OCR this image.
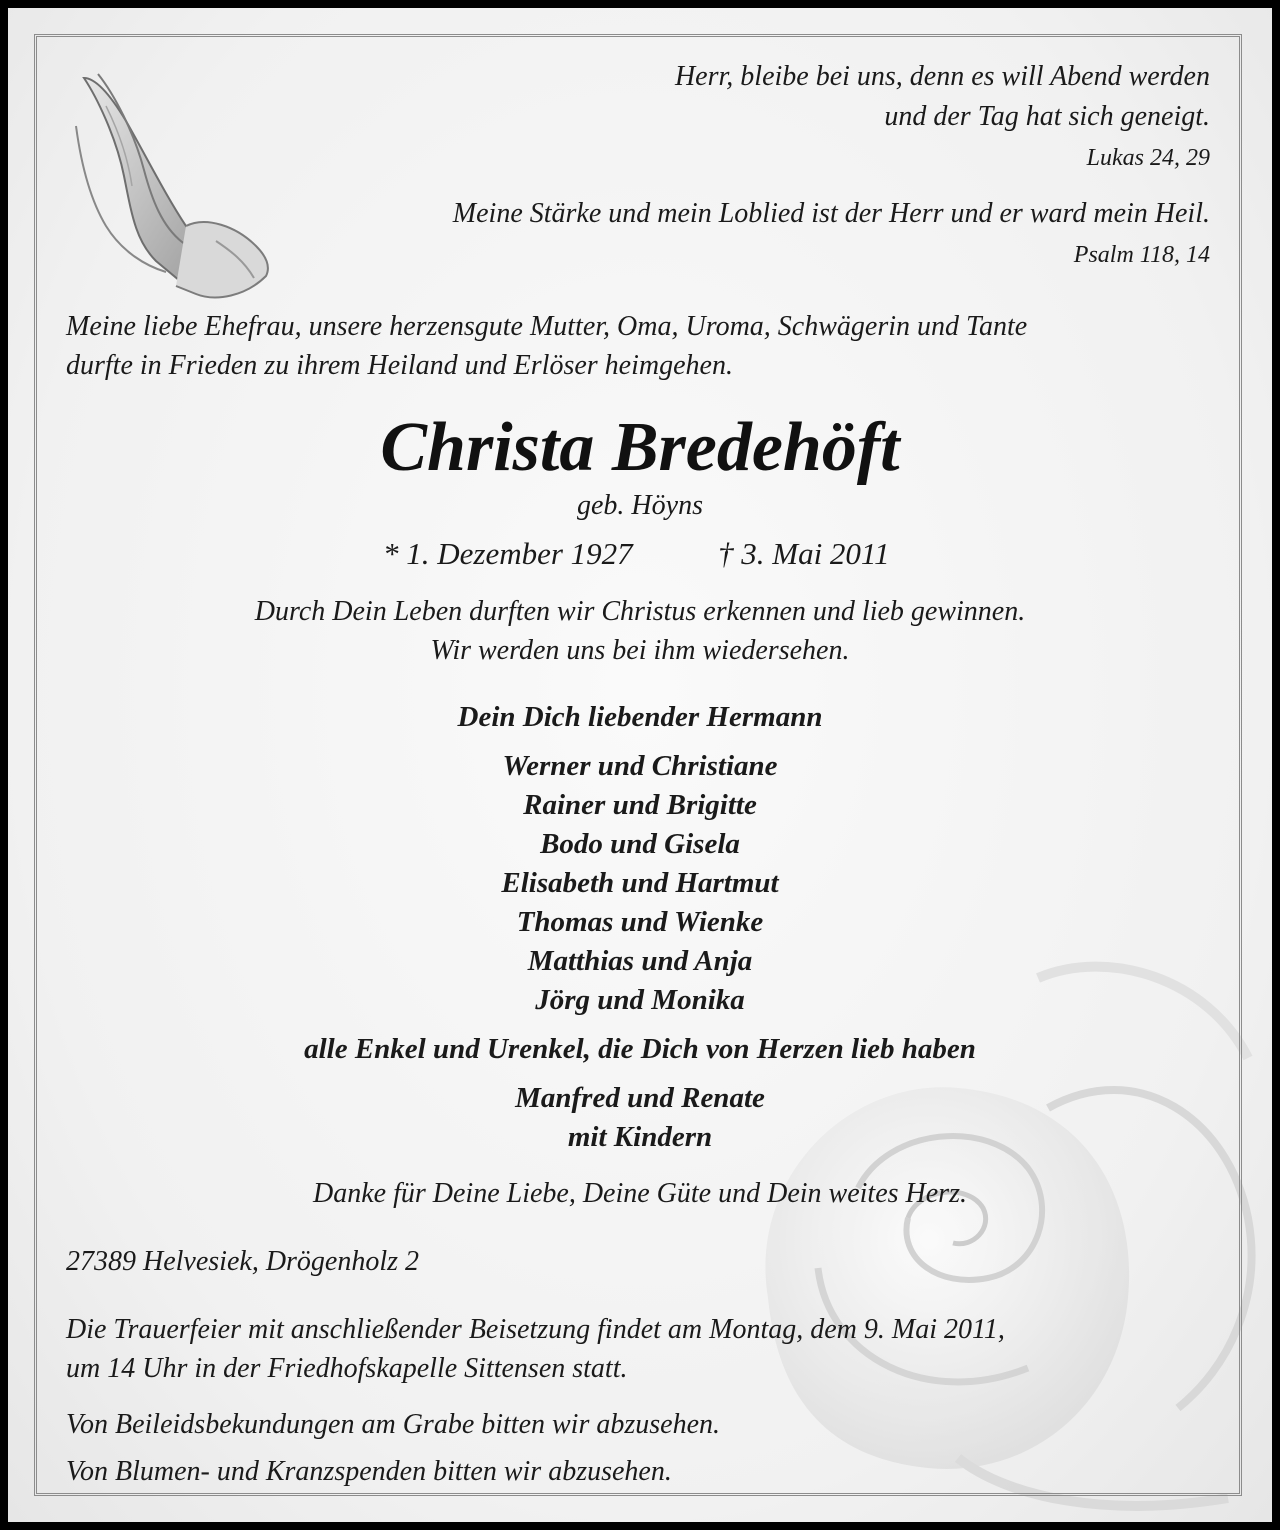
Herr, bleibe bei uns, denn es will Abend werden
und der Tag hat sich geneigt.
Lukas 24, 29
Meine Stärke und mein Loblied ist der Herr und er ward mein Heil.
Psalm 118, 14
Meine liebe Ehefrau, unsere herzensgute Mutter, Oma, Uroma, Schwägerin und Tante
durfte in Frieden zu ihrem Heiland und Erlöser heimgehen.
Christa Bredehöft
geb. Höyns
* 1. Dezember 1927	† 3. Mai 2011
Durch Dein Leben durften wir Christus erkennen und lieb gewinnen.
Wir werden uns bei ihm wiedersehen.
Dein Dich liebender Hermann
Werner und Christiane
Rainer und Brigitte
Bodo und Gisela
Elisabeth und Hartmut
Thomas und Wienke
Matthias und Anja
Jörg und Monika
alle Enkel und Urenkel, die Dich von Herzen lieb haben
Manfred und Renate
mit Kindern
Danke für Deine Liebe, Deine Güte und Dein weites Herz.
27389 Helvesiek, Drögenholz 2
Die Trauerfeier mit anschließender Beisetzung findet am Montag, dem 9. Mai 2011,
um 14 Uhr in der Friedhofskapelle Sittensen statt.
Von Beileidsbekundungen am Grabe bitten wir abzusehen.
Von Blumen- und Kranzspenden bitten wir abzusehen.
